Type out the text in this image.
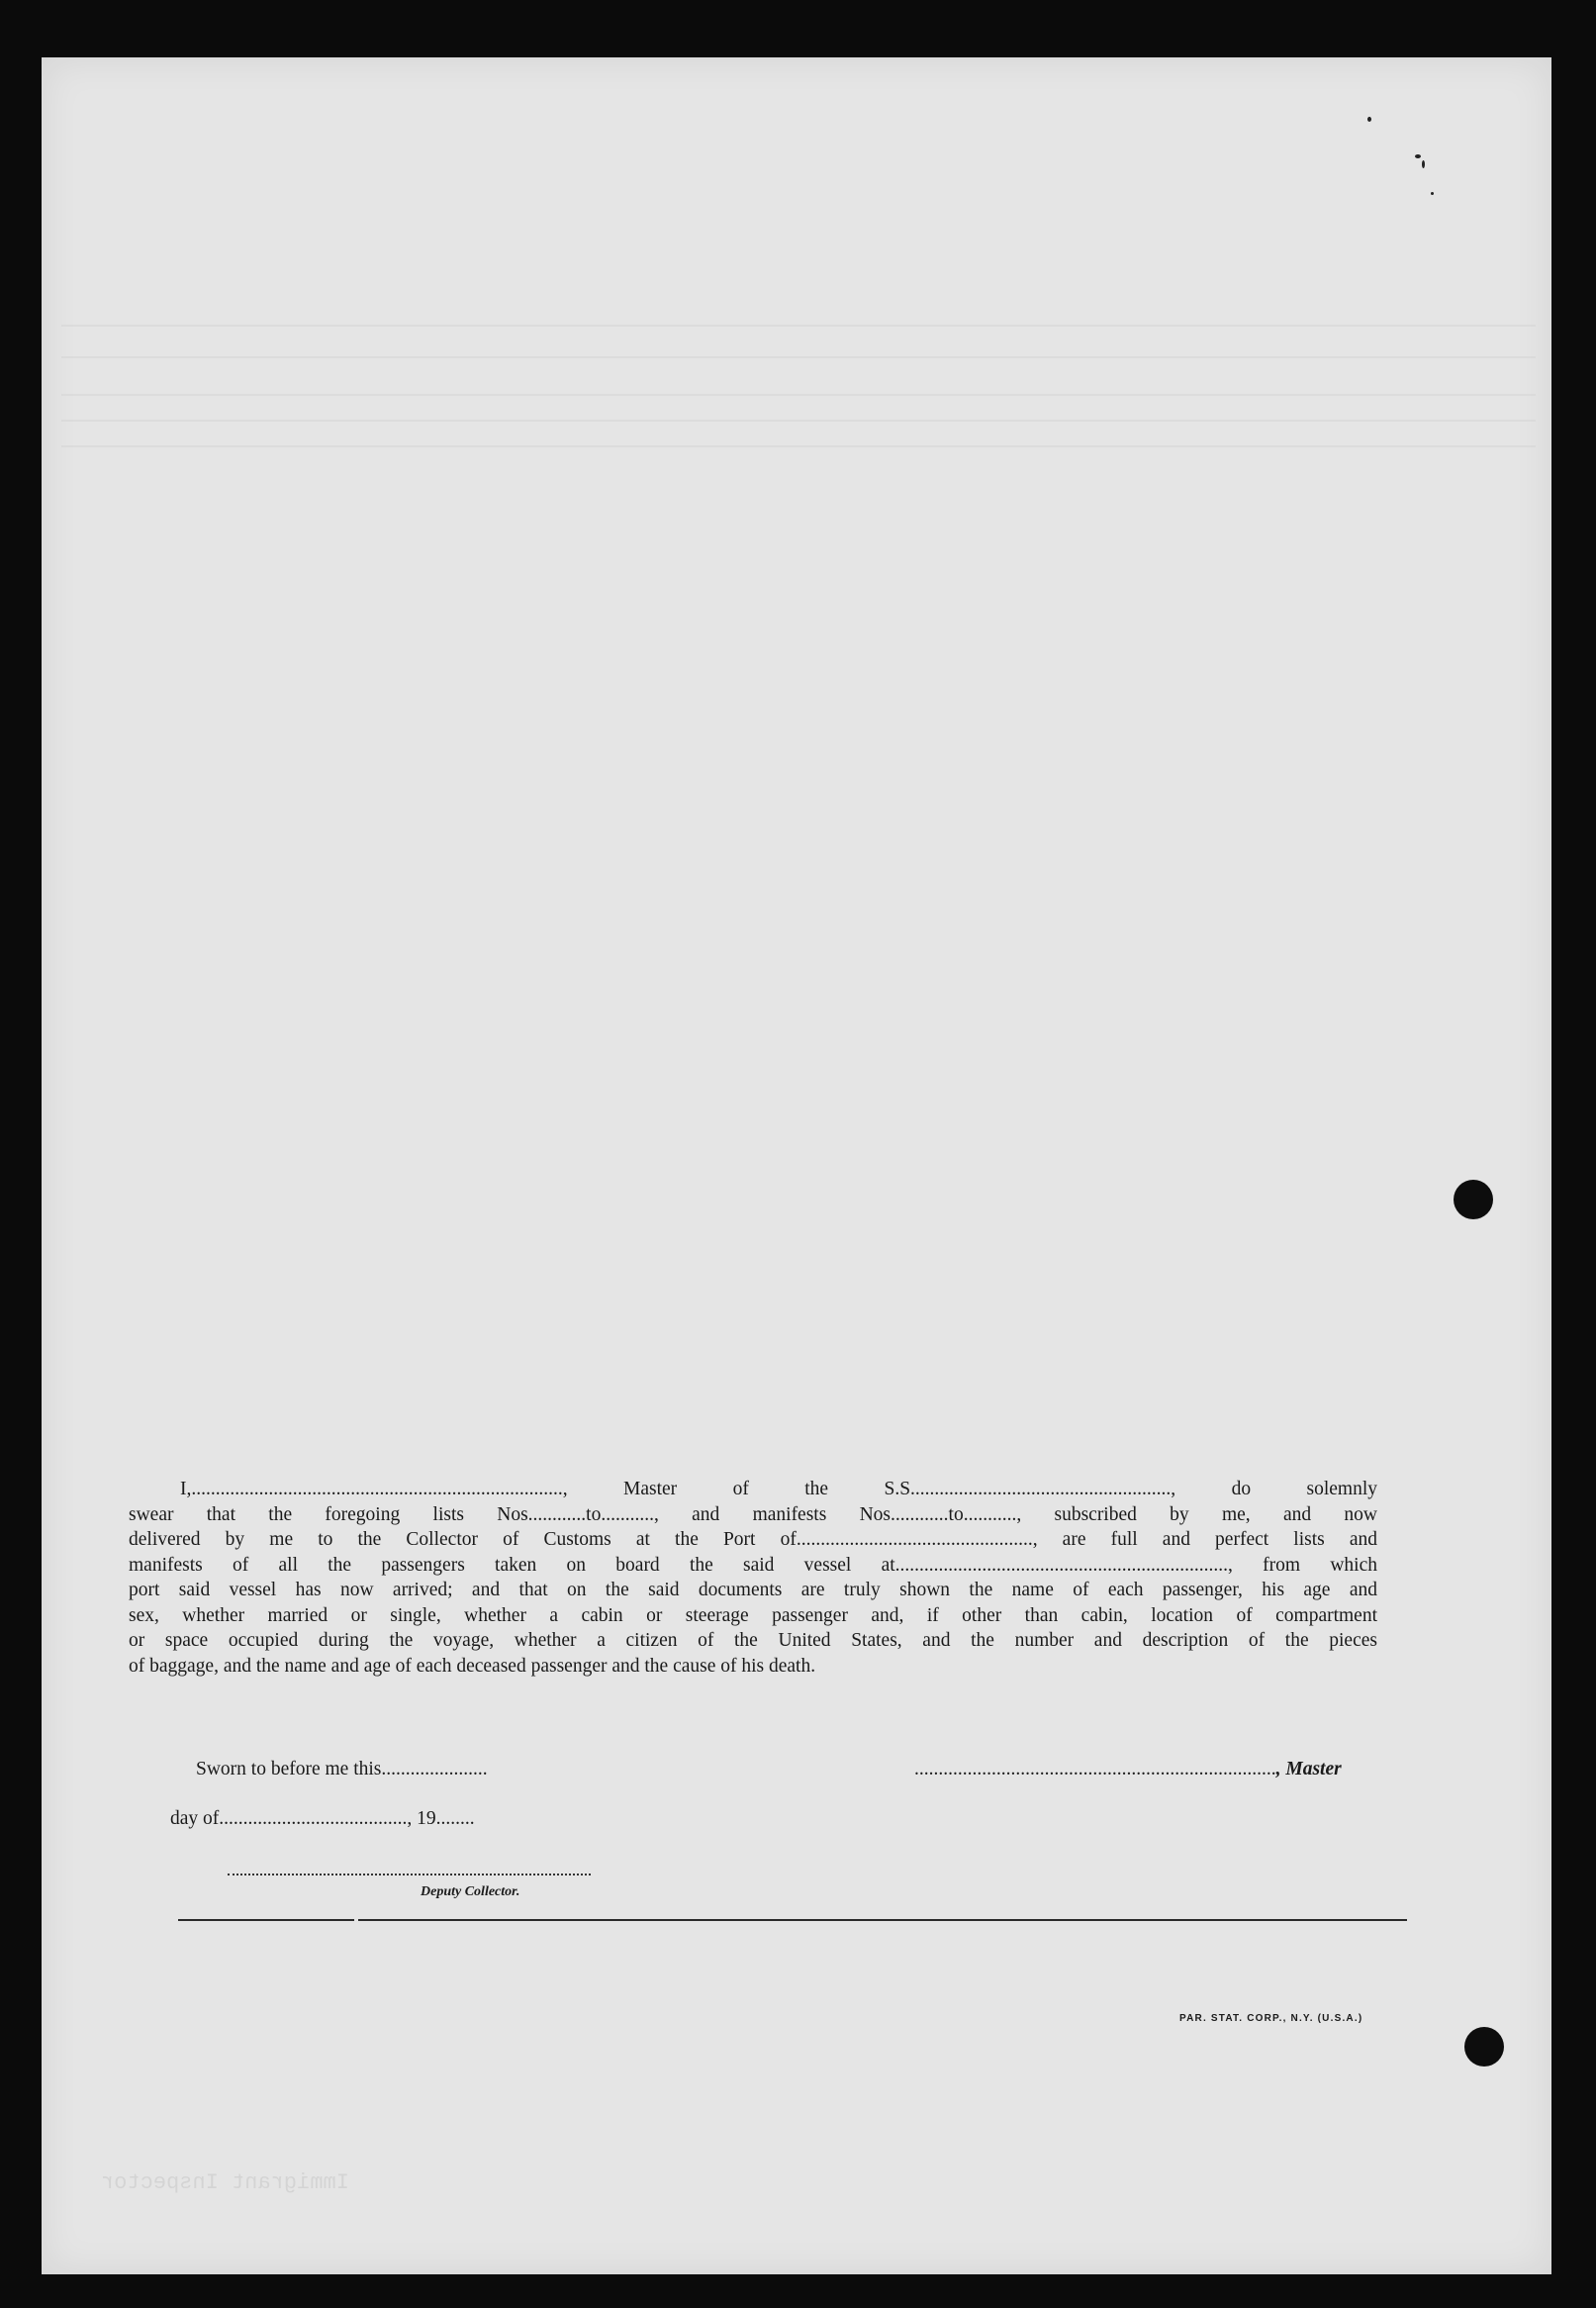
Immigrant Inspector
I,............................................................................., Master of the S.S......................................................, do solemnly
swear that the foregoing lists Nos............to..........., and manifests Nos............to..........., subscribed by me, and now
delivered by me to the Collector of Customs at the Port of................................................., are full and perfect lists and
manifests of all the passengers taken on board the said vessel at....................................................................., from which
port said vessel has now arrived; and that on the said documents are truly shown the name of each passenger, his age and
sex, whether married or single, whether a cabin or steerage passenger and, if other than cabin, location of compartment
or space occupied during the voyage, whether a citizen of the United States, and the number and description of the pieces
of baggage, and the name and age of each deceased passenger and the cause of his death.
Sworn to before me this......................	..........................................................................., Master
day of......................................., 19........
Deputy Collector.
PAR. STAT. CORP., N.Y. (U.S.A.)
